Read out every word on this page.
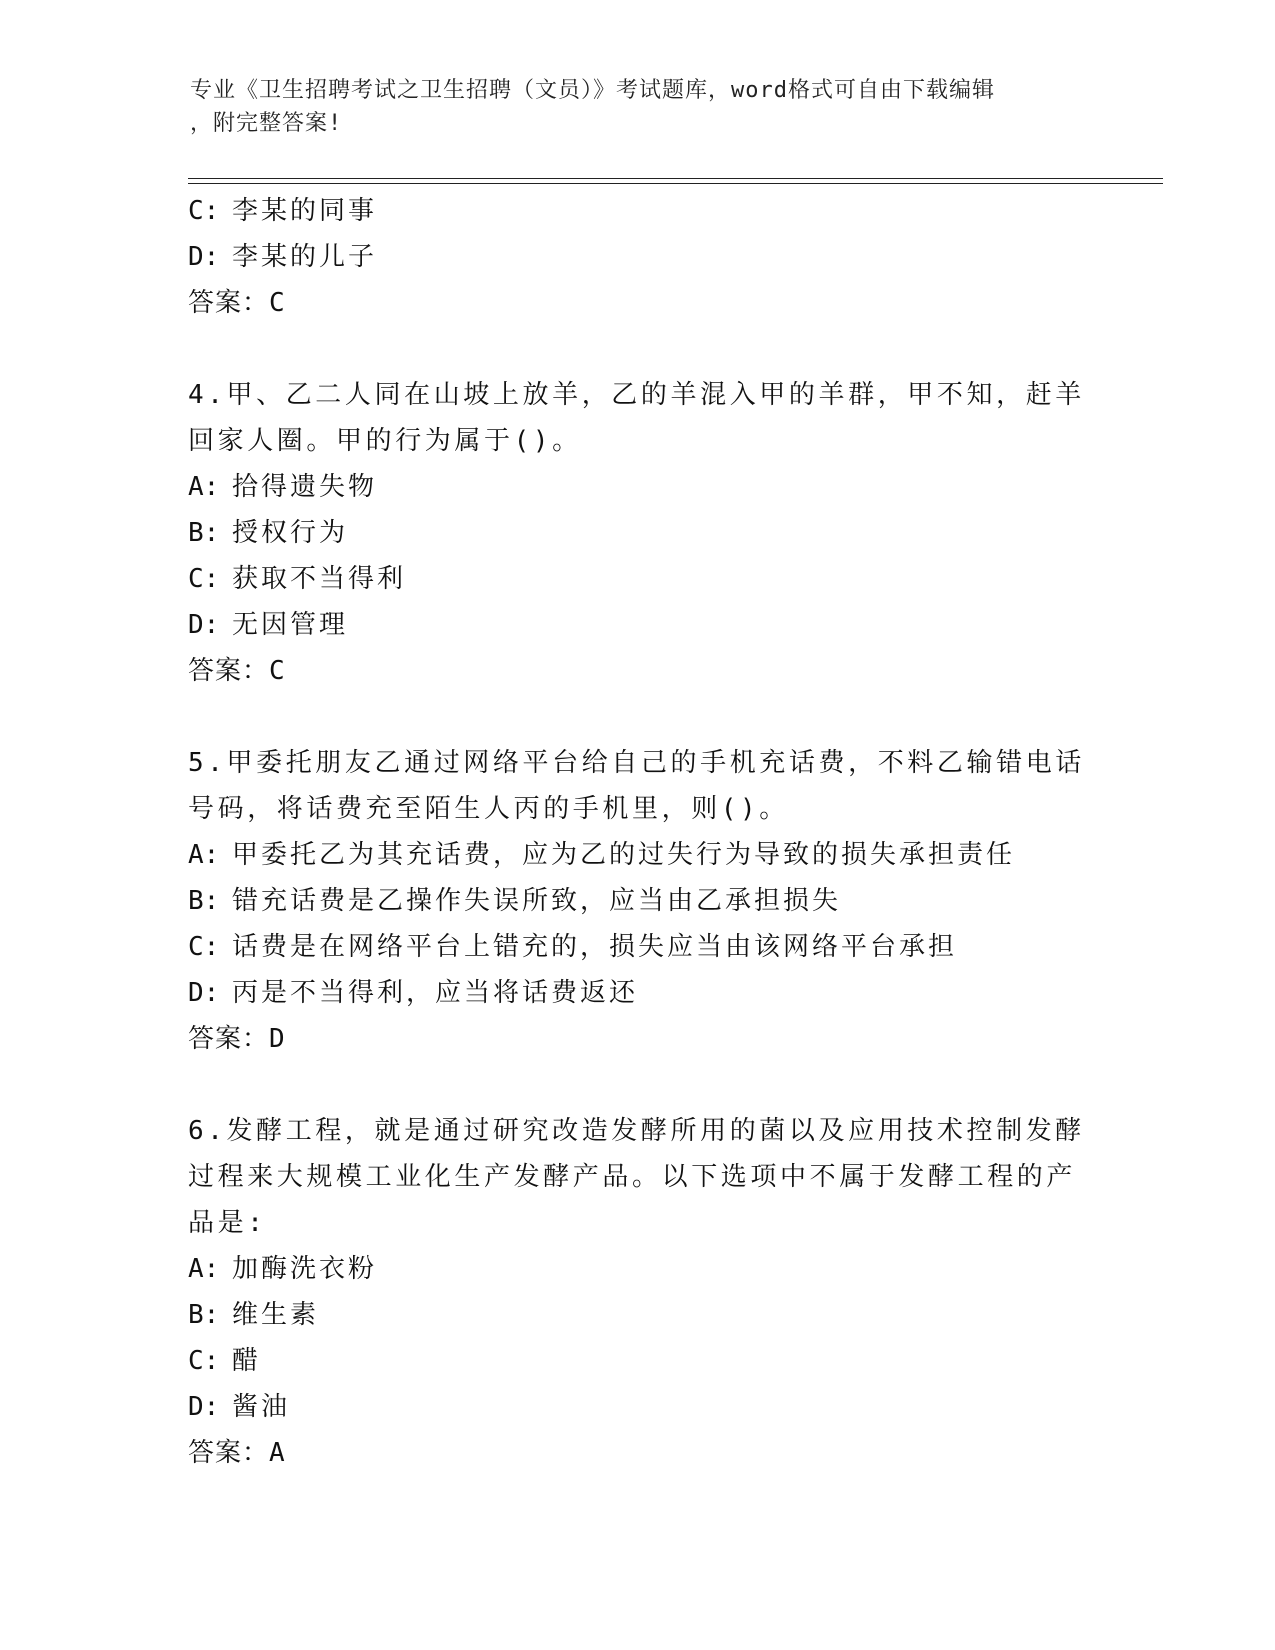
专业《卫生招聘考试之卫生招聘（文员）》考试题库，word格式可自由下载编辑
，附完整答案!
C: 李某的同事
D: 李某的儿子
答案：C
4.甲、乙二人同在山坡上放羊，乙的羊混入甲的羊群，甲不知，赶羊
回家人圈。甲的行为属于()。
A: 拾得遗失物
B: 授权行为
C: 获取不当得利
D: 无因管理
答案：C
5.甲委托朋友乙通过网络平台给自己的手机充话费，不料乙输错电话
号码，将话费充至陌生人丙的手机里，则()。
A: 甲委托乙为其充话费，应为乙的过失行为导致的损失承担责任
B: 错充话费是乙操作失误所致，应当由乙承担损失
C: 话费是在网络平台上错充的，损失应当由该网络平台承担
D: 丙是不当得利，应当将话费返还
答案：D
6.发酵工程，就是通过研究改造发酵所用的菌以及应用技术控制发酵
过程来大规模工业化生产发酵产品。以下选项中不属于发酵工程的产
品是:
A: 加酶洗衣粉
B: 维生素
C: 醋
D: 酱油
答案：A
